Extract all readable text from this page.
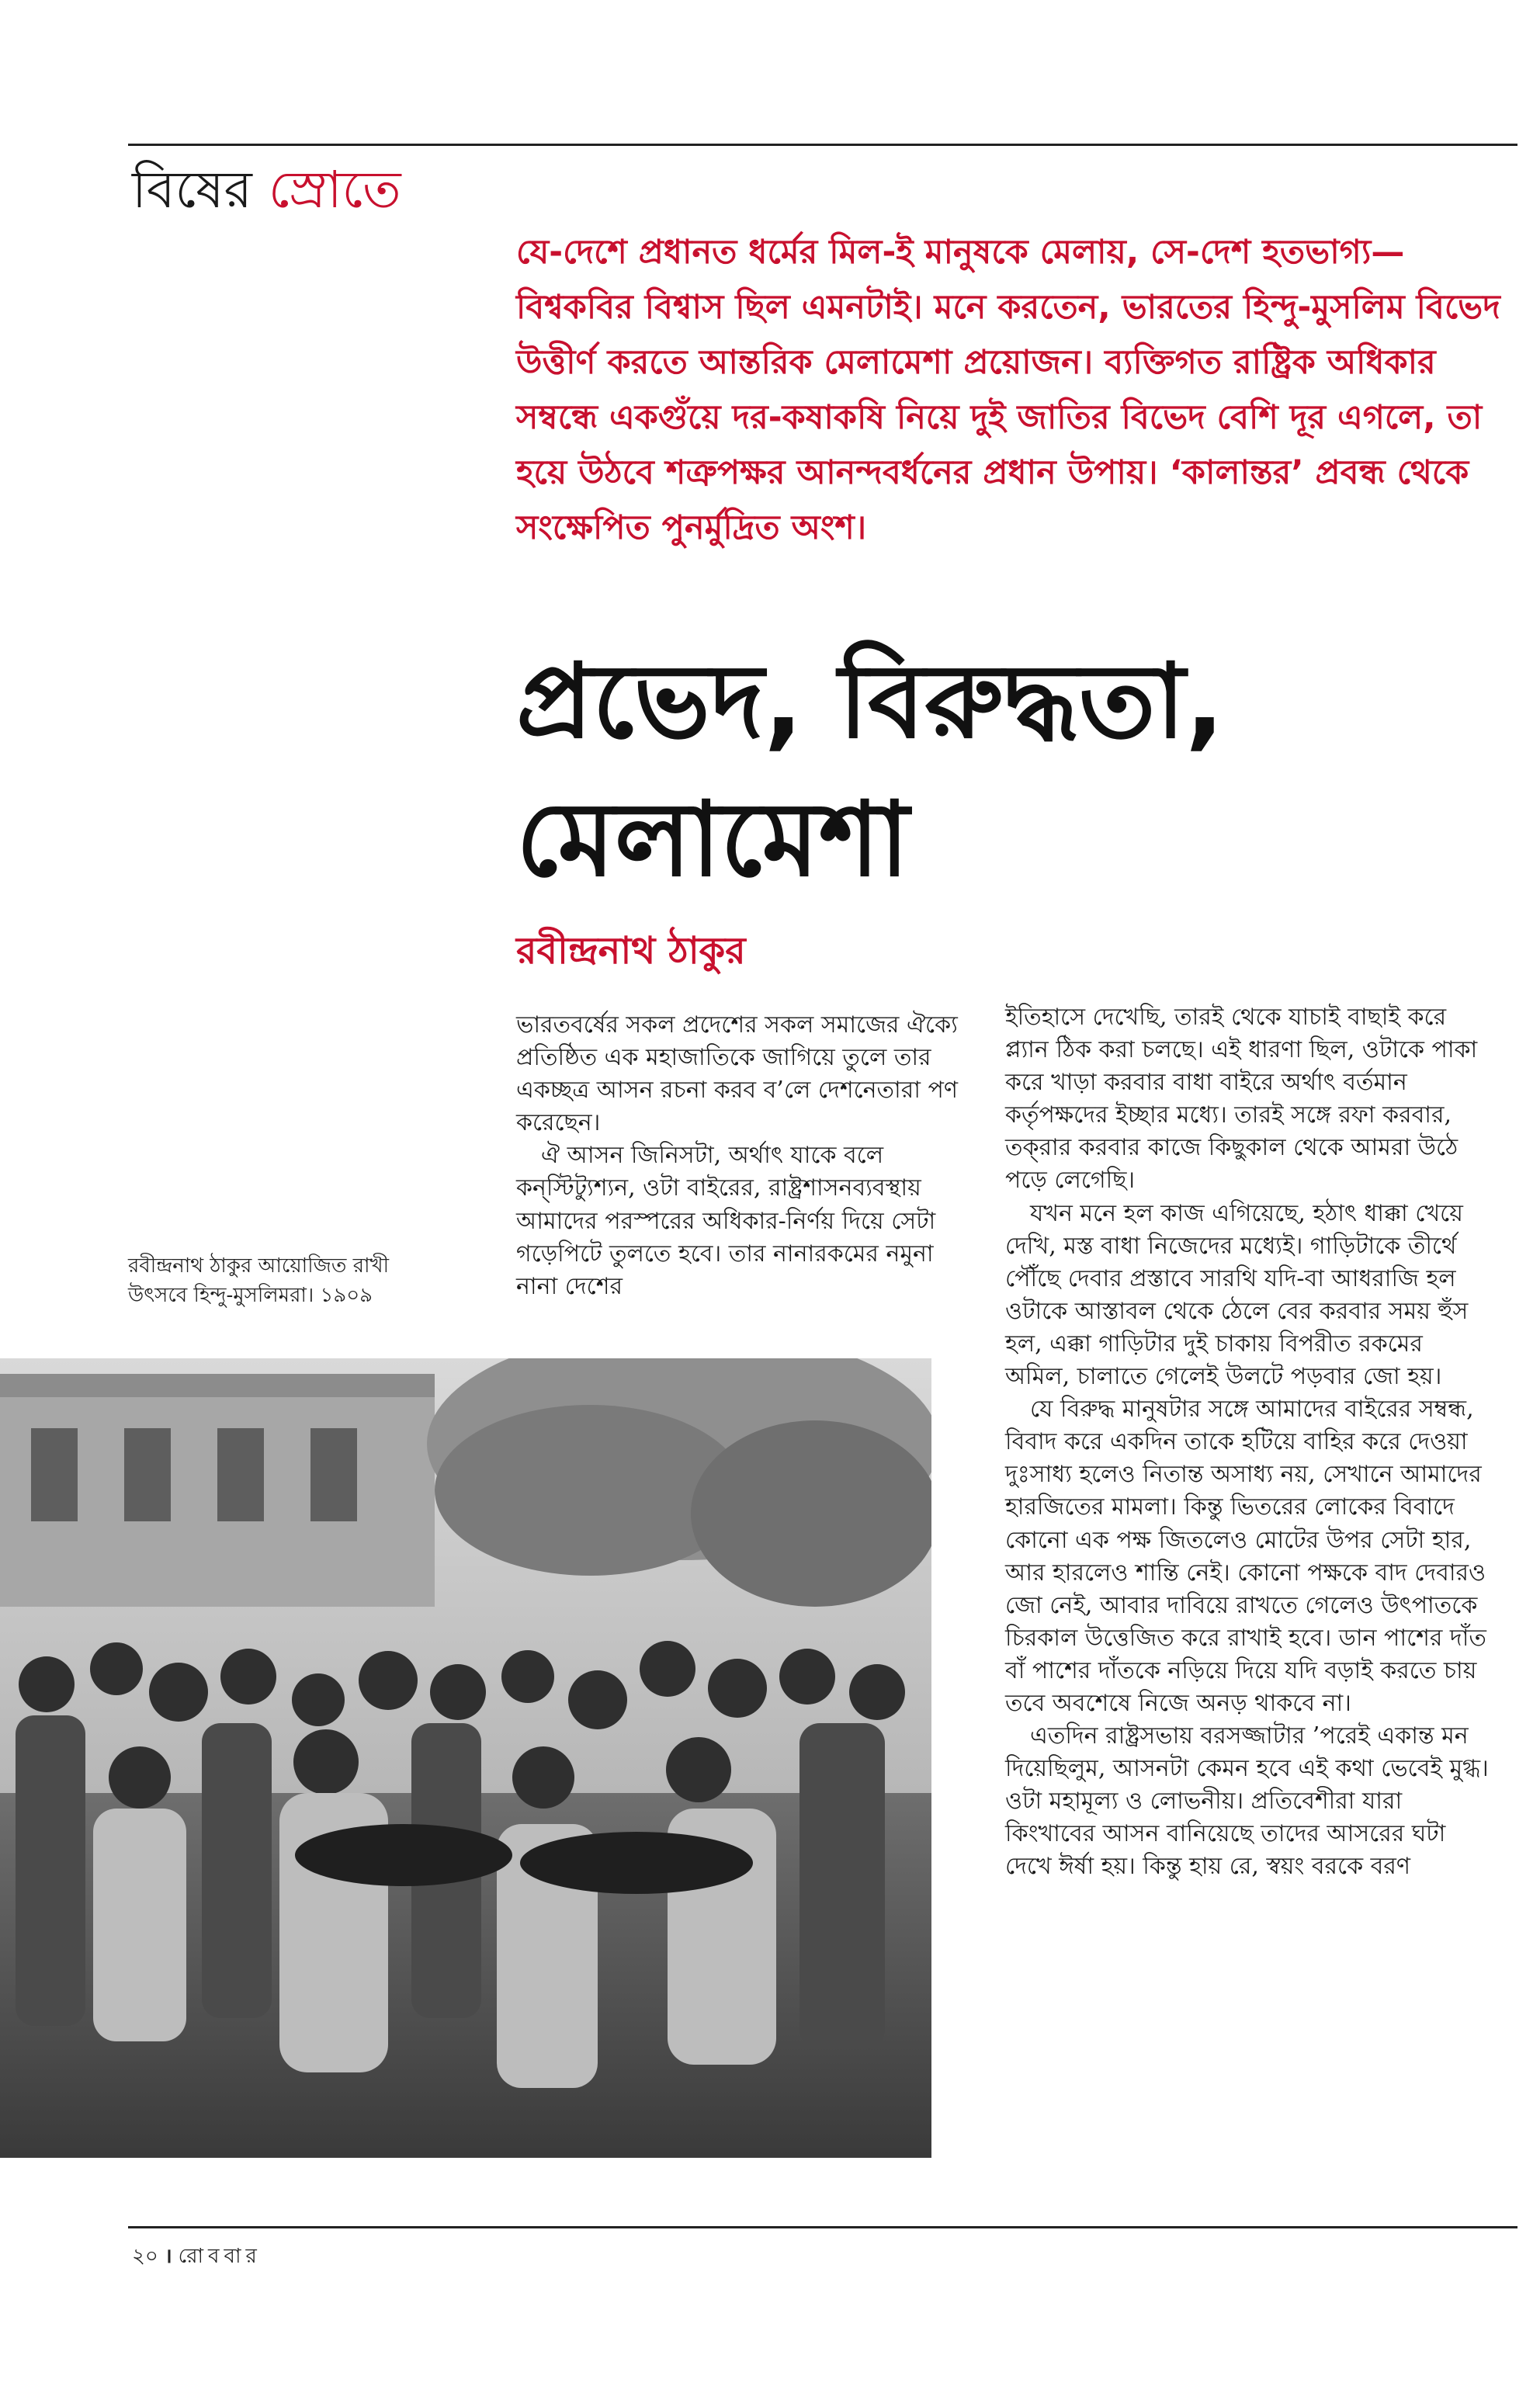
বিষের স্রোতে
যে-দেশে প্রধানত ধর্মের মিল-ই মানুষকে মেলায়, সে-দেশ হতভাগ্য— বিশ্বকবির বিশ্বাস ছিল এমনটাই। মনে করতেন, ভারতের হিন্দু-মুসলিম বিভেদ উত্তীর্ণ করতে আন্তরিক মেলামেশা প্রয়োজন। ব্যক্তিগত রাষ্ট্রিক অধিকার সম্বন্ধে একগুঁয়ে দর-কষাকষি নিয়ে দুই জাতির বিভেদ বেশি দূর এগলে, তা হয়ে উঠবে শত্রুপক্ষর আনন্দবর্ধনের প্রধান উপায়। ‘কালান্তর’ প্রবন্ধ থেকে সংক্ষেপিত পুনর্মুদ্রিত অংশ।
প্রভেদ, বিরুদ্ধতা,
মেলামেশা
রবীন্দ্রনাথ ঠাকুর

ভারতবর্ষের সকল প্রদেশের সকল সমাজের ঐক্যে প্রতিষ্ঠিত এক মহাজাতিকে জাগিয়ে তুলে তার একচ্ছত্র আসন রচনা করব ব’লে দেশনেতারা পণ করেছেন।

ঐ আসন জিনিসটা, অর্থাৎ যাকে বলে কন্‌স্টিট্যুশ্যন, ওটা বাইরের, রাষ্ট্রশাসনব্যবস্থায় আমাদের পরস্পরের অধিকার-নির্ণয় দিয়ে সেটা গড়েপিটে তুলতে হবে। তার নানারকমের নমুনা নানা দেশের

ইতিহাসে দেখেছি, তারই থেকে যাচাই বাছাই করে প্ল্যান ঠিক করা চলছে। এই ধারণা ছিল, ওটাকে পাকা করে খাড়া করবার বাধা বাইরে অর্থাৎ বর্তমান কর্তৃপক্ষদের ইচ্ছার মধ্যে। তারই সঙ্গে রফা করবার, তক্‌রার করবার কাজে কিছুকাল থেকে আমরা উঠে পড়ে লেগেছি।

যখন মনে হল কাজ এগিয়েছে, হঠাৎ ধাক্কা খেয়ে দেখি, মস্ত বাধা নিজেদের মধ্যেই। গাড়িটাকে তীর্থে পৌঁছে দেবার প্রস্তাবে সারথি যদি-বা আধরাজি হল ওটাকে আস্তাবল থেকে ঠেলে বের করবার সময় হুঁস হল, এক্কা গাড়িটার দুই চাকায় বিপরীত রকমের অমিল, চালাতে গেলেই উলটে পড়বার জো হয়।

যে বিরুদ্ধ মানুষটার সঙ্গে আমাদের বাইরের সম্বন্ধ, বিবাদ করে একদিন তাকে হটিয়ে বাহির করে দেওয়া দুঃসাধ্য হলেও নিতান্ত অসাধ্য নয়, সেখানে আমাদের হারজিতের মামলা। কিন্তু ভিতরের লোকের বিবাদে কোনো এক পক্ষ জিতলেও মোটের উপর সেটা হার, আর হারলেও শান্তি নেই। কোনো পক্ষকে বাদ দেবারও জো নেই, আবার দাবিয়ে রাখতে গেলেও উৎপাতকে চিরকাল উত্তেজিত করে রাখাই হবে। ডান পাশের দাঁত বাঁ পাশের দাঁতকে নড়িয়ে দিয়ে যদি বড়াই করতে চায় তবে অবশেষে নিজে অনড় থাকবে না।

এতদিন রাষ্ট্রসভায় বরসজ্জাটার ’পরেই একান্ত মন দিয়েছিলুম, আসনটা কেমন হবে এই কথা ভেবেই মুগ্ধ। ওটা মহামূল্য ও লোভনীয়। প্রতিবেশীরা যারা কিংখাবের আসন বানিয়েছে তাদের আসরের ঘটা দেখে ঈর্ষা হয়। কিন্তু হায় রে, স্বয়ং বরকে বরণ

রবীন্দ্রনাথ ঠাকুর আয়োজিত রাখী উৎসবে হিন্দু-মুসলিমরা। ১৯০৯
২০ । রোববার
